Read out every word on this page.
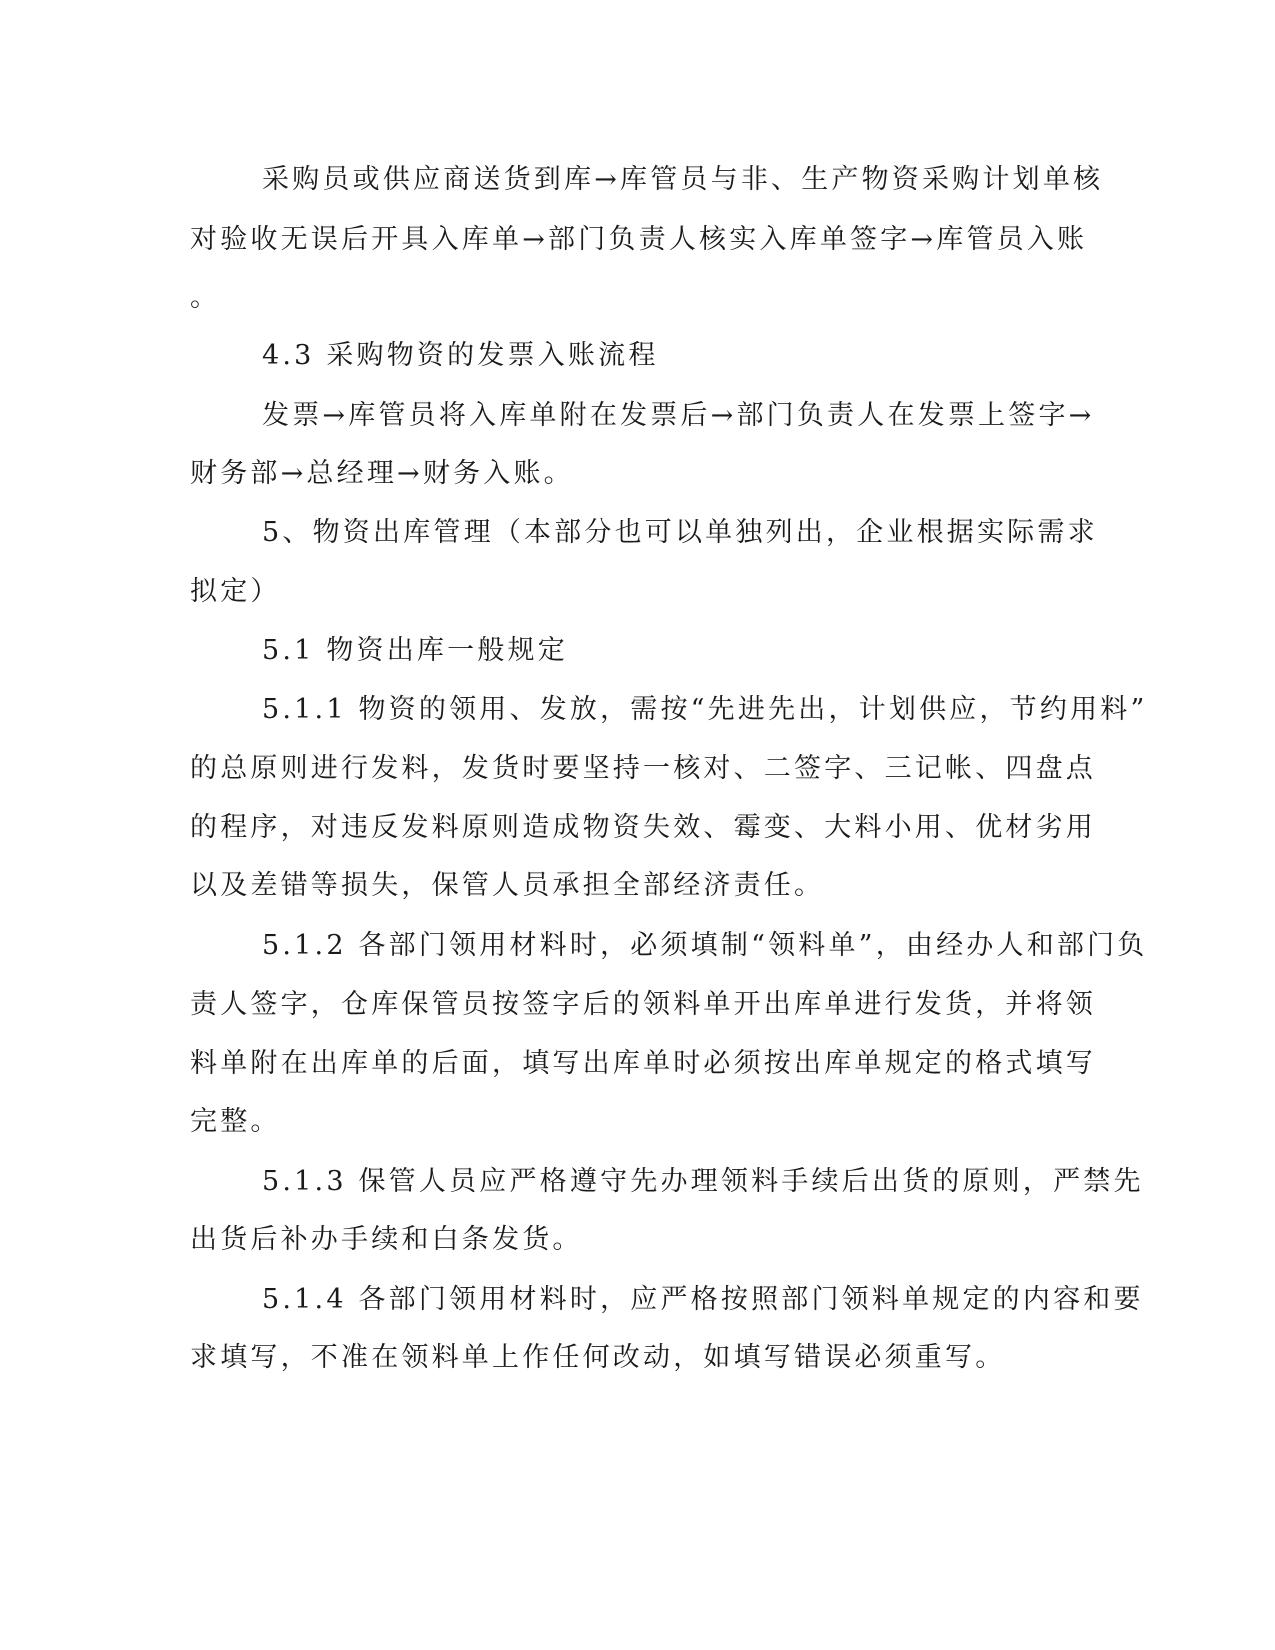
采购员或供应商送货到库→库管员与非、生产物资采购计划单核
对验收无误后开具入库单→部门负责人核实入库单签字→库管员入账
。
4.3 采购物资的发票入账流程
发票→库管员将入库单附在发票后→部门负责人在发票上签字→
财务部→总经理→财务入账。
5、物资出库管理（本部分也可以单独列出，企业根据实际需求
拟定）
5.1 物资出库一般规定
5.1.1 物资的领用、发放，需按“先进先出，计划供应，节约用料”
的总原则进行发料，发货时要坚持一核对、二签字、三记帐、四盘点
的程序，对违反发料原则造成物资失效、霉变、大料小用、优材劣用
以及差错等损失，保管人员承担全部经济责任。
5.1.2 各部门领用材料时，必须填制“领料单”，由经办人和部门负
责人签字，仓库保管员按签字后的领料单开出库单进行发货，并将领
料单附在出库单的后面，填写出库单时必须按出库单规定的格式填写
完整。
5.1.3 保管人员应严格遵守先办理领料手续后出货的原则，严禁先
出货后补办手续和白条发货。
5.1.4 各部门领用材料时，应严格按照部门领料单规定的内容和要
求填写，不准在领料单上作任何改动，如填写错误必须重写。
